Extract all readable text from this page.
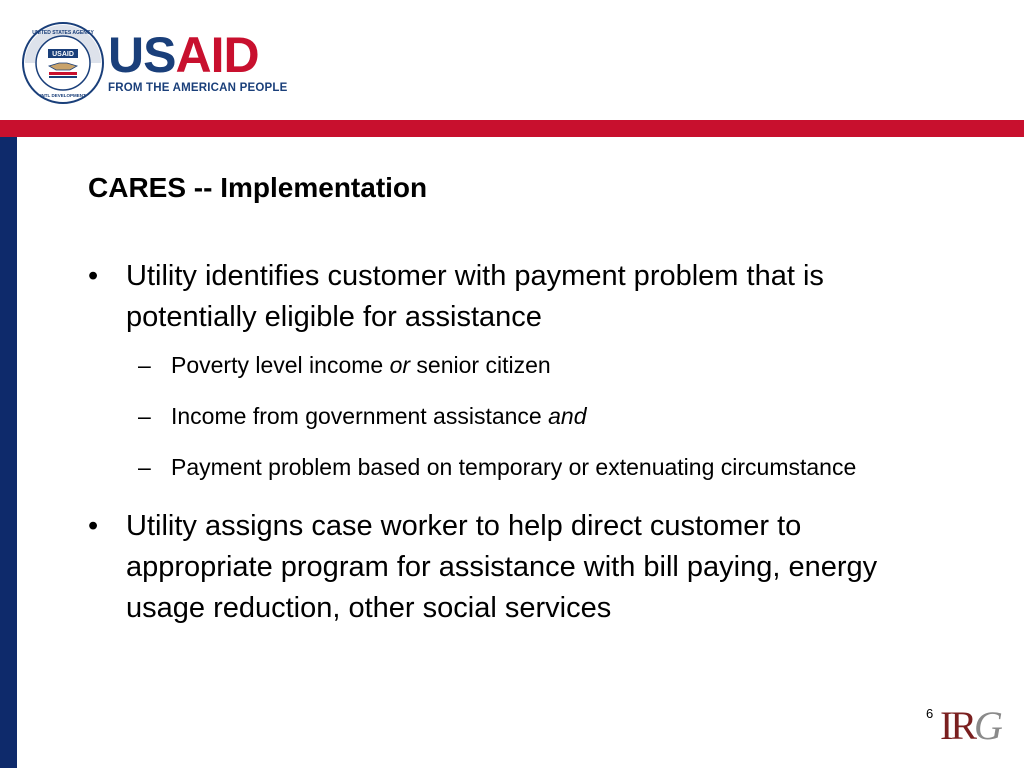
USAID
UNITED STATES AGENCY
INTL DEVELOPMENT
USAID
FROM THE AMERICAN PEOPLE
CARES -- Implementation
• Utility identifies customer with payment problem that is potentially eligible for assistance
– Poverty level income or senior citizen
– Income from government assistance and
– Payment problem based on temporary or extenuating circumstance
• Utility assigns case worker to help direct customer to appropriate program for assistance with bill paying, energy usage reduction, other social services
6 IRG
